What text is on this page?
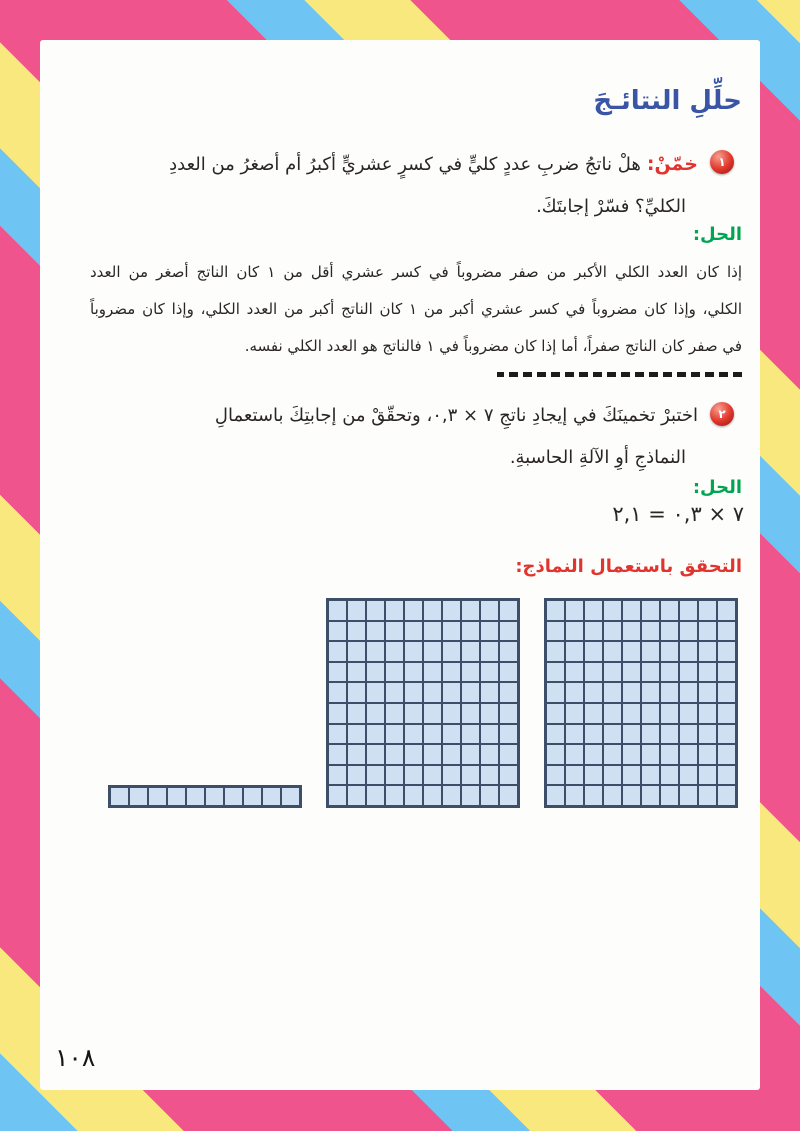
حلِّلِ النتائـجَ
١
خمّنْ:هلْ ناتجُ ضربِ عددٍ كليٍّ في كسرٍ عشريٍّ أكبرُ أم أصغرُ من العددِ
الكليِّ؟ فسّرْ إجابتَكَ.
الحل:
إذا كان العدد الكلي الأكبر من صفر مضروباً في كسر عشري أقل من ١ كان الناتج أصغر من العدد
الكلي، وإذا كان مضروباً في كسر عشري أكبر من ١ كان الناتج أكبر من العدد الكلي، وإذا كان مضروباً
في صفر كان الناتج صفراً، أما إذا كان مضروباً في ١ فالناتج هو العدد الكلي نفسه.
٢
اختبرْ تخمينَكَ في إيجادِ ناتجِ ٧ × ٠,٣، وتحقّقْ من إجابتِكَ باستعمالِ
النماذجِ أوِ الآلةِ الحاسبةِ.
الحل:
٧ × ٠,٣ = ٢,١
التحقق باستعمال النماذج:
١٠٨
